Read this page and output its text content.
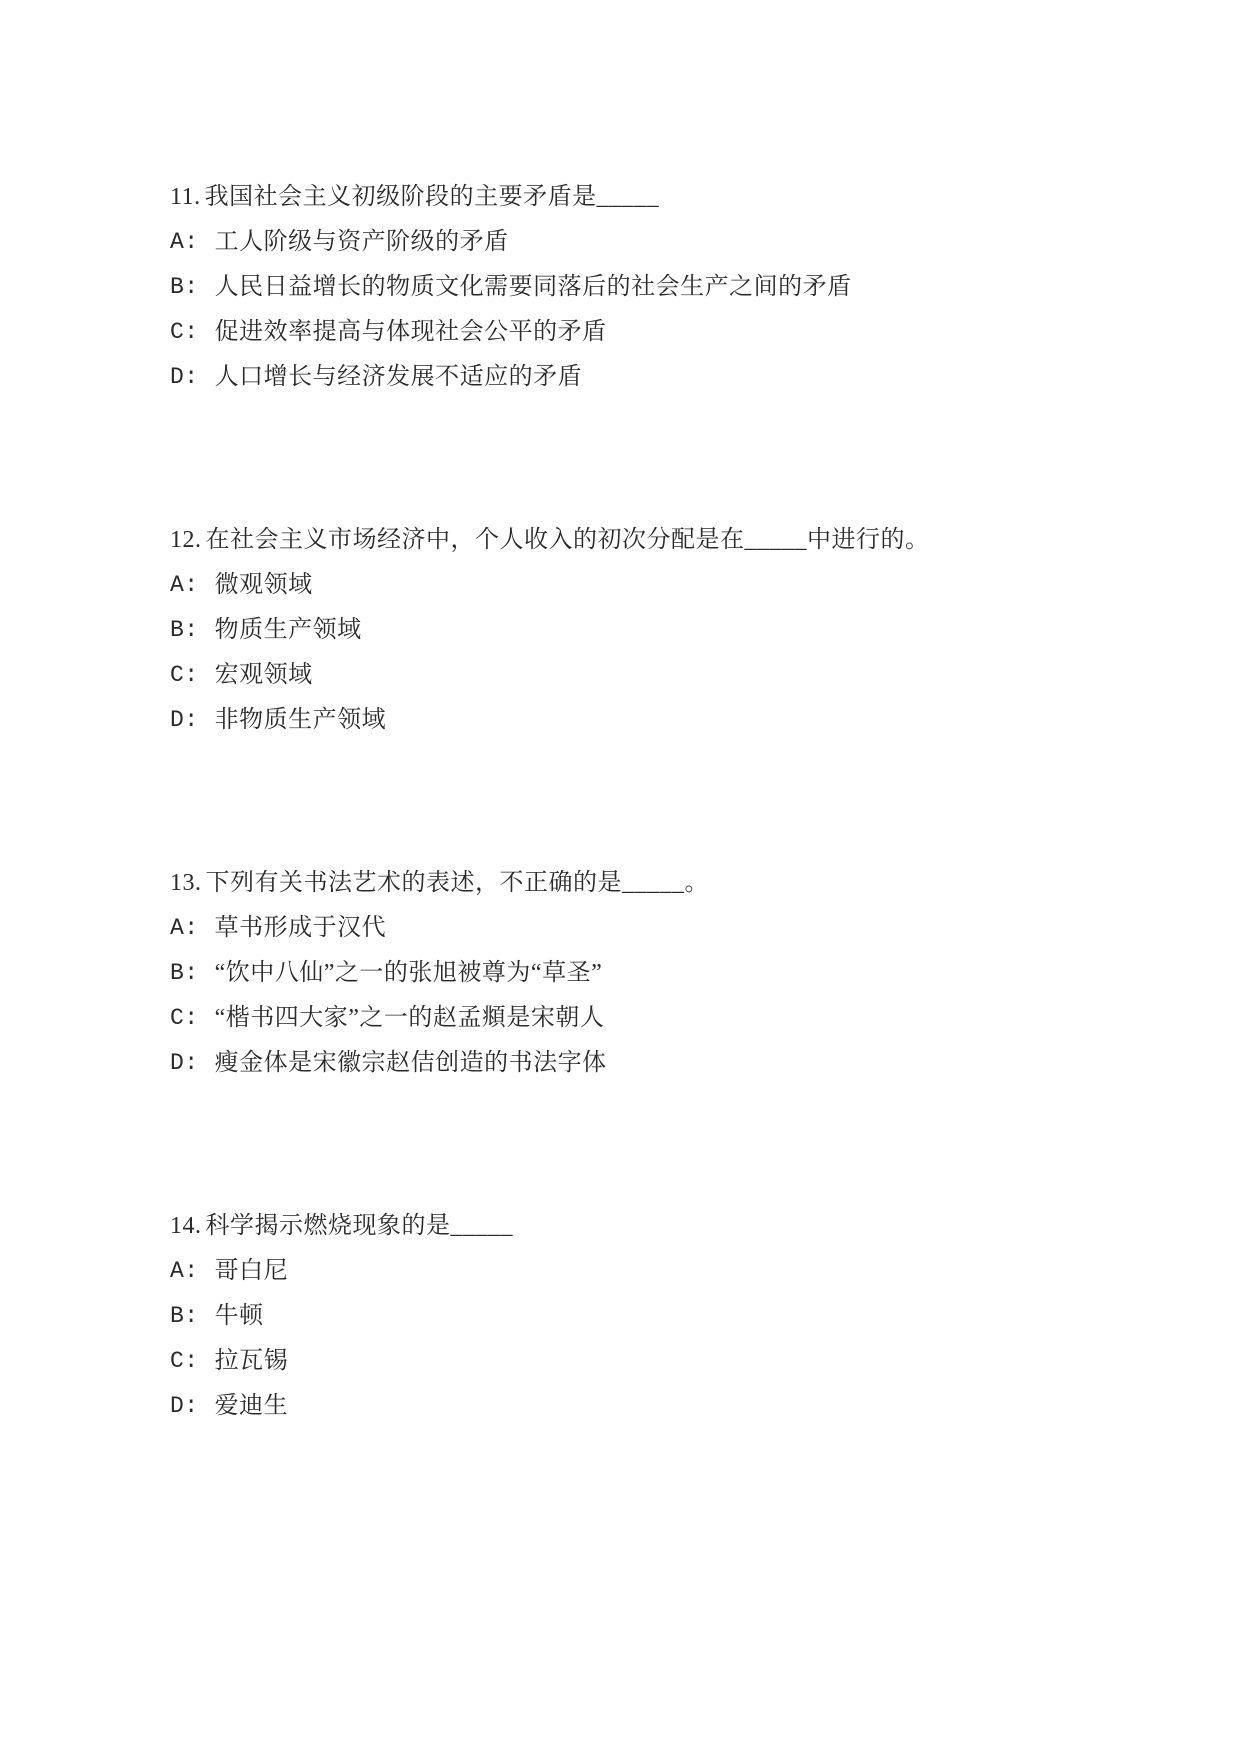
11. 我国社会主义初级阶段的主要矛盾是_____
A: 工人阶级与资产阶级的矛盾
B: 人民日益增长的物质文化需要同落后的社会生产之间的矛盾
C: 促进效率提高与体现社会公平的矛盾
D: 人口增长与经济发展不适应的矛盾
12. 在社会主义市场经济中，个人收入的初次分配是在_____中进行的。
A: 微观领域
B: 物质生产领域
C: 宏观领域
D: 非物质生产领域
13. 下列有关书法艺术的表述，不正确的是_____。
A: 草书形成于汉代
B: “饮中八仙”之一的张旭被尊为“草圣”
C: “楷书四大家”之一的赵孟頫是宋朝人
D: 瘦金体是宋徽宗赵佶创造的书法字体
14. 科学揭示燃烧现象的是_____
A: 哥白尼
B: 牛顿
C: 拉瓦锡
D: 爱迪生
